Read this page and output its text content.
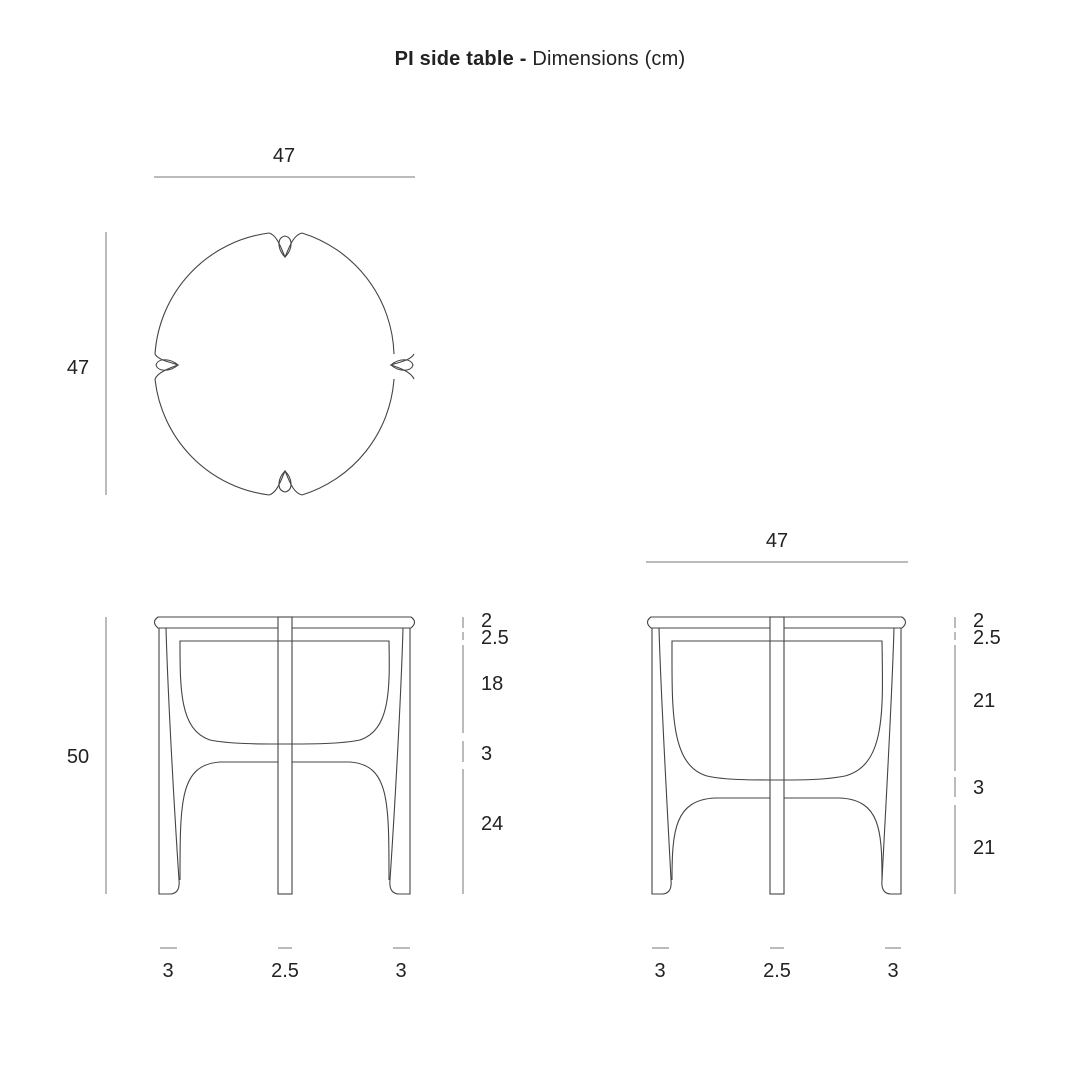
PI side table - Dimensions (cm)
47
47
50
2
2.5
18
3
24
3	2.5	3
47
2
2.5
21
3
21
3	2.5	3
